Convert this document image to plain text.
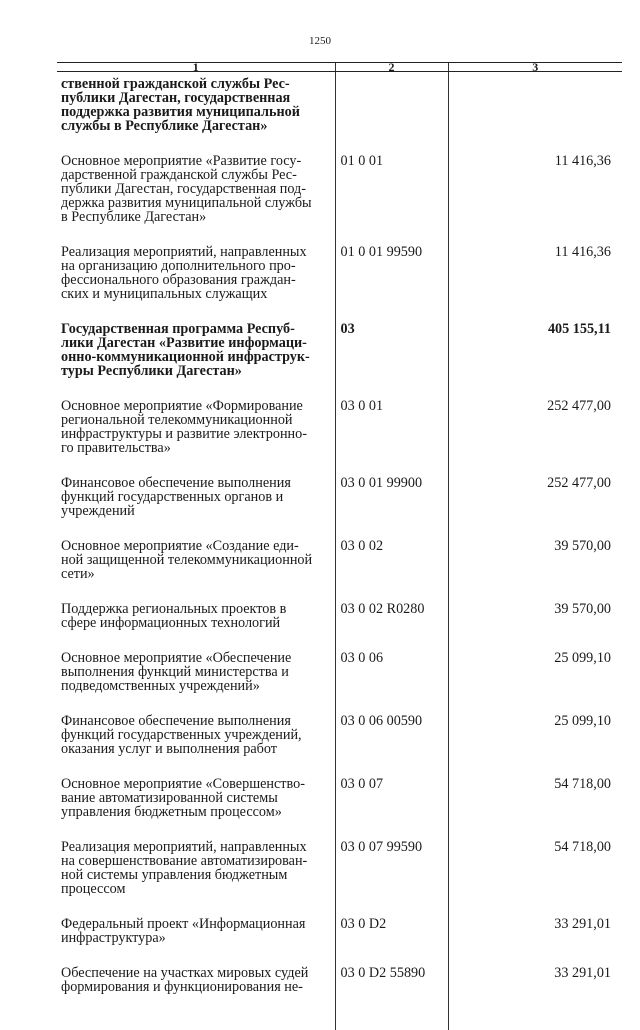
1250
1	2	3
ственной гражданской службы Рес-
публики Дагестан, государственная
поддержка развития муниципальной
службы в Республике Дагестан»		
Основное мероприятие «Развитие госу-
дарственной гражданской службы Рес-
публики Дагестан, государственная под-
держка развития муниципальной службы
в Республике Дагестан»	01 0 01	11 416,36
Реализация мероприятий, направленных
на организацию дополнительного про-
фессионального образования граждан-
ских и муниципальных служащих	01 0 01 99590	11 416,36
Государственная программа Респуб-
лики Дагестан «Развитие информаци-
онно-коммуникационной инфраструк-
туры Республики Дагестан»	03	405 155,11
Основное мероприятие «Формирование
региональной телекоммуникационной
инфраструктуры и развитие электронно-
го правительства»	03 0 01	252 477,00
Финансовое обеспечение выполнения
функций государственных органов и
учреждений	03 0 01 99900	252 477,00
Основное мероприятие «Создание еди-
ной защищенной телекоммуникационной
сети»	03 0 02	39 570,00
Поддержка региональных проектов в
сфере информационных технологий	03 0 02 R0280	39 570,00
Основное мероприятие «Обеспечение
выполнения функций министерства и
подведомственных учреждений»	03 0 06	25 099,10
Финансовое обеспечение выполнения
функций государственных учреждений,
оказания услуг и выполнения работ	03 0 06 00590	25 099,10
Основное мероприятие «Совершенство-
вание автоматизированной системы
управления бюджетным процессом»	03 0 07	54 718,00
Реализация мероприятий, направленных
на совершенствование автоматизирован-
ной системы управления бюджетным
процессом	03 0 07 99590	54 718,00
Федеральный проект «Информационная
инфраструктура»	03 0 D2	33 291,01
Обеспечение на участках мировых судей
формирования и функционирования не-	03 0 D2 55890	33 291,01
